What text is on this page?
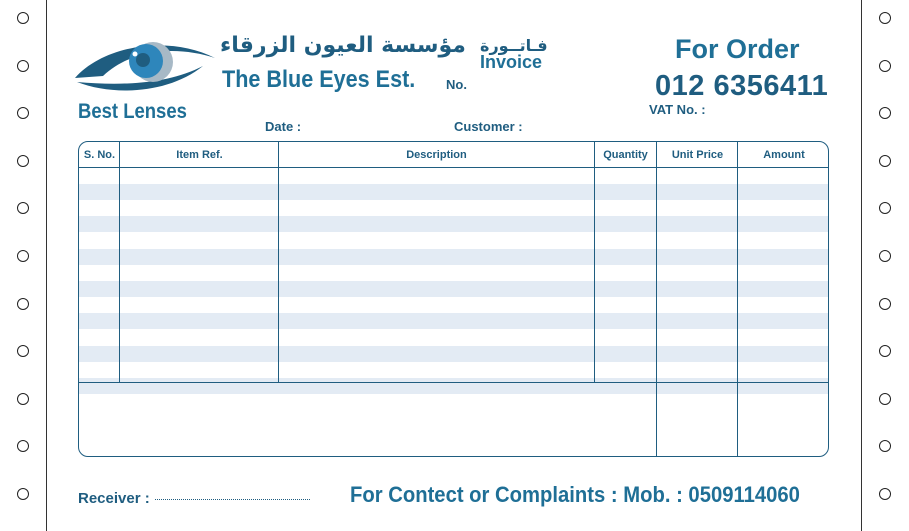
مؤسسة العيون الزرقاء
The Blue Eyes Est.
Best Lenses
فـاتــورة
Invoice
No.
For Order
012 6356411
VAT No. :
Date :	Customer :
S. No.	Item Ref.	Description	Quantity	Unit Price	Amount
Receiver :	For Contect or Complaints : Mob. : 0509114060
